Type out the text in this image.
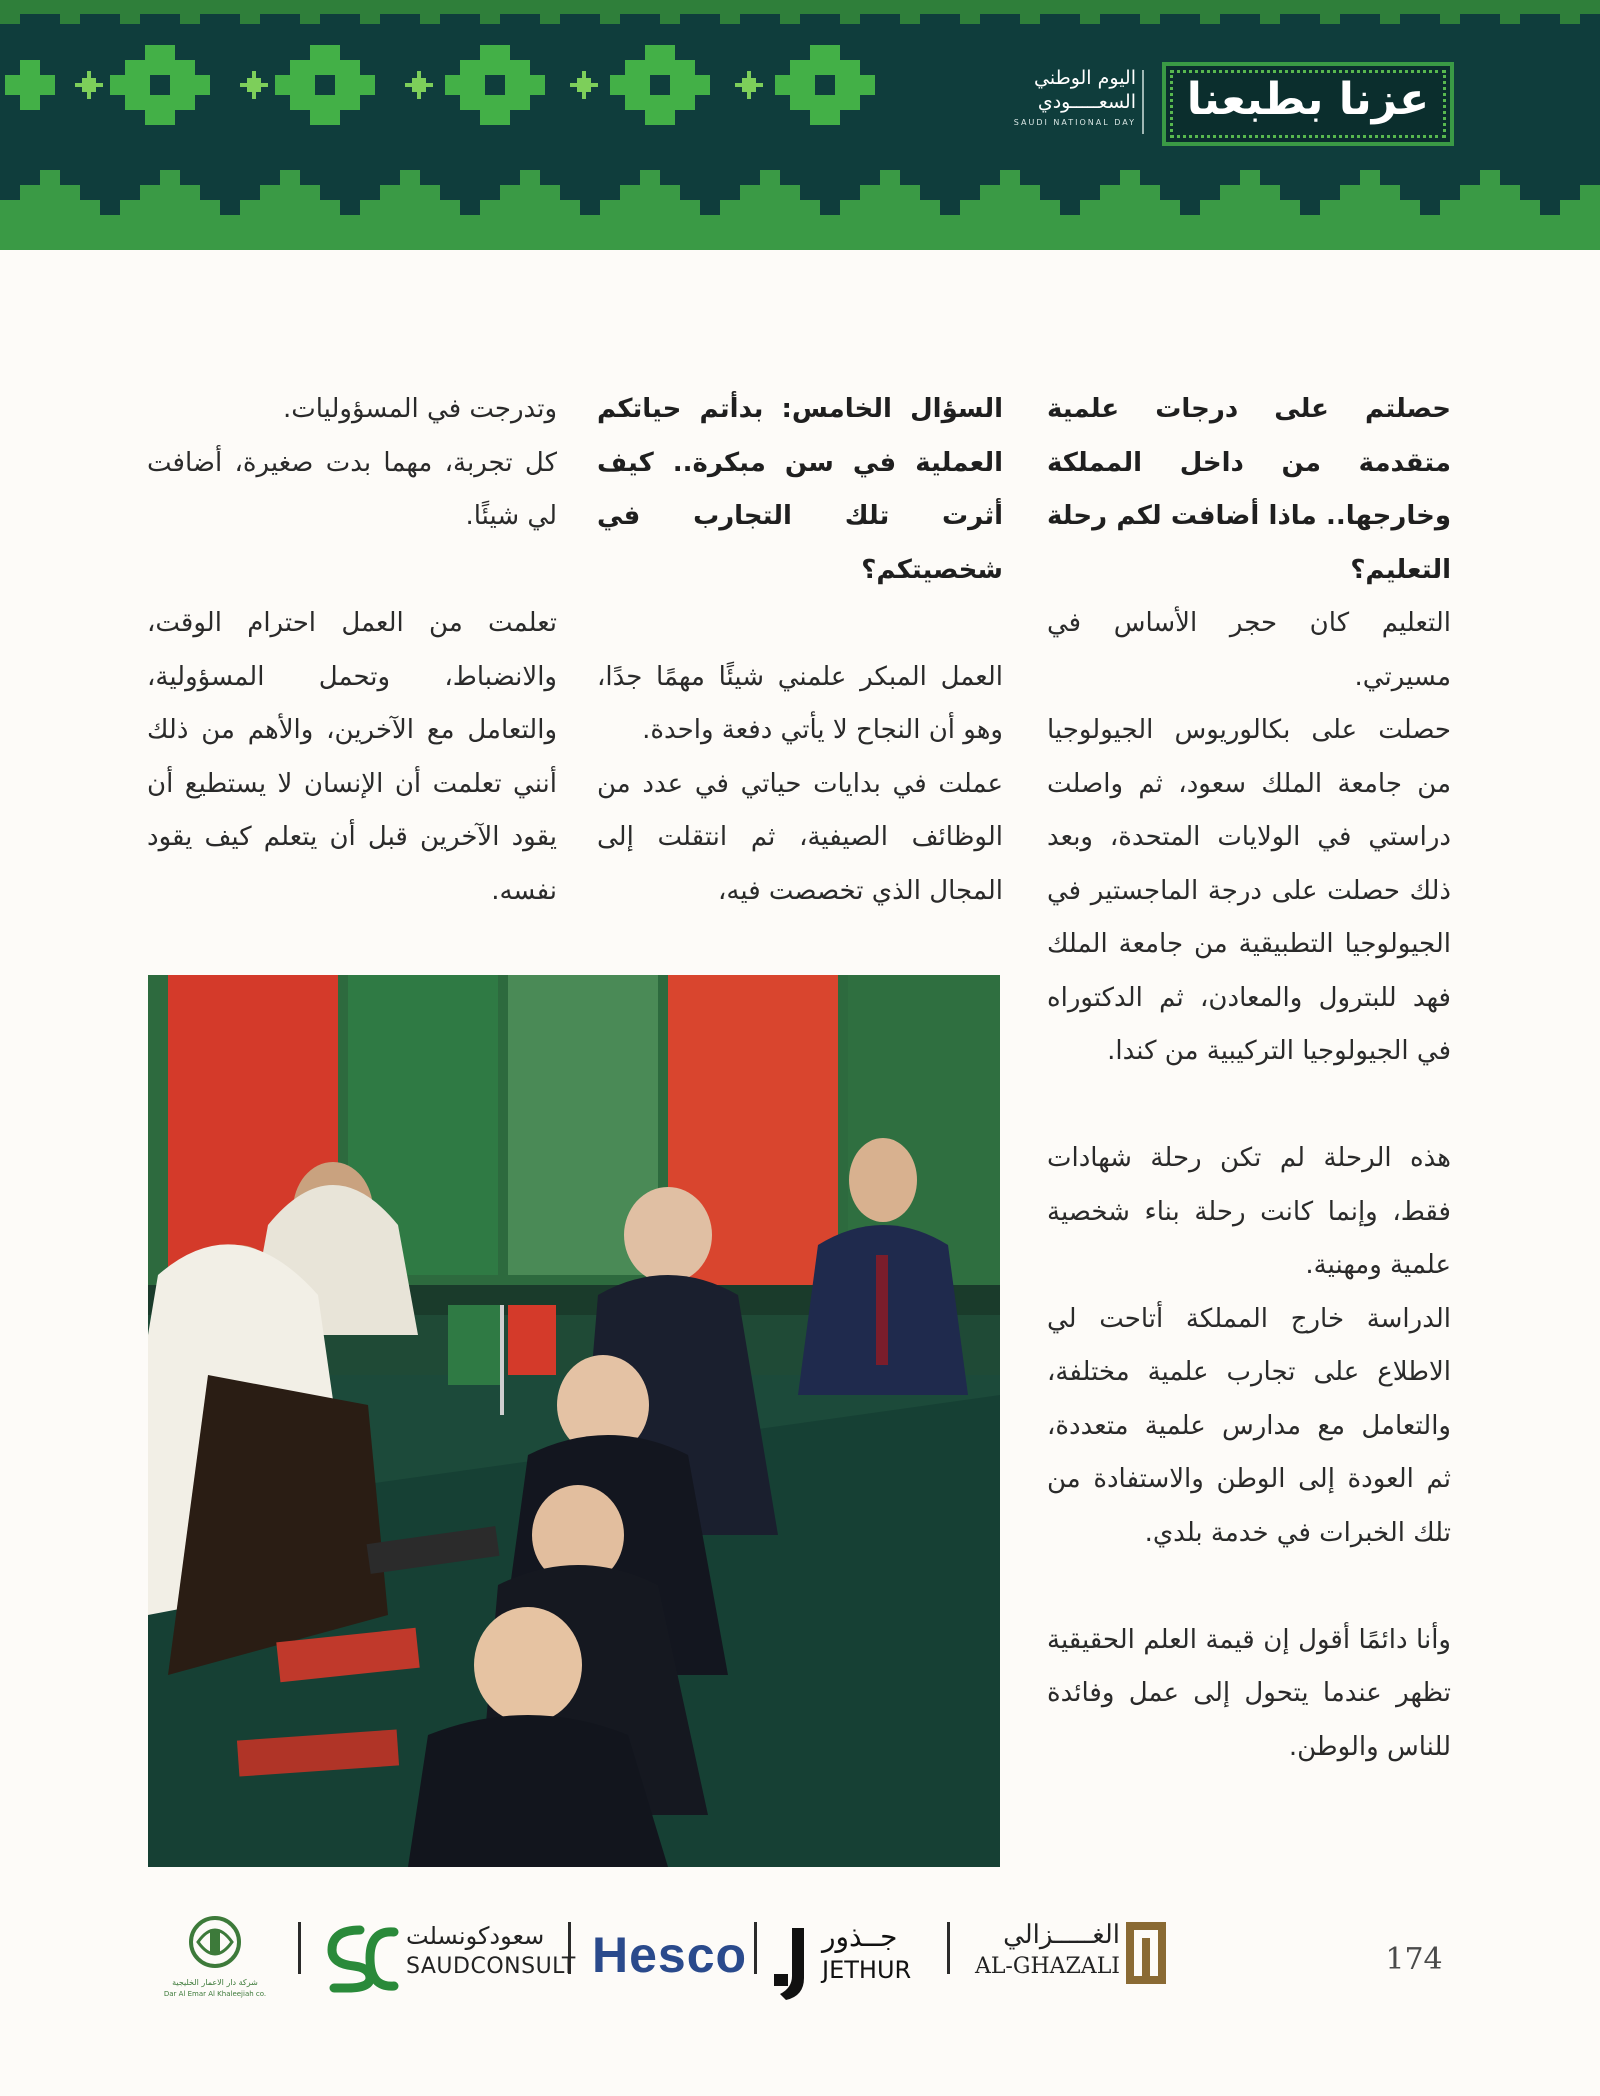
اليوم الوطني
السعـــــودي
SAUDI NATIONAL DAY	عزنا بطبعنا

حصلتم على درجات علمية متقدمة من داخل المملكة وخارجها.. ماذا أضافت لكم رحلة التعليم؟

التعليم كان حجر الأساس في مسيرتي.

حصلت على بكالوريوس الجيولوجيا من جامعة الملك سعود، ثم واصلت دراستي في الولايات المتحدة، وبعد ذلك حصلت على درجة الماجستير في الجيولوجيا التطبيقية من جامعة الملك فهد للبترول والمعادن، ثم الدكتوراه في الجيولوجيا التركيبية من كندا.

هذه الرحلة لم تكن رحلة شهادات فقط، وإنما كانت رحلة بناء شخصية علمية ومهنية.

الدراسة خارج المملكة أتاحت لي الاطلاع على تجارب علمية مختلفة، والتعامل مع مدارس علمية متعددة، ثم العودة إلى الوطن والاستفادة من تلك الخبرات في خدمة بلدي.

وأنا دائمًا أقول إن قيمة العلم الحقيقية تظهر عندما يتحول إلى عمل وفائدة للناس والوطن.

السؤال الخامس: بدأتم حياتكم العملية في سن مبكرة.. كيف أثرت تلك التجارب في شخصيتكم؟

العمل المبكر علمني شيئًا مهمًا جدًا، وهو أن النجاح لا يأتي دفعة واحدة.

عملت في بدايات حياتي في عدد من الوظائف الصيفية، ثم انتقلت إلى المجال الذي تخصصت فيه،

وتدرجت في المسؤوليات.

كل تجربة، مهما بدت صغيرة، أضافت لي شيئًا.

تعلمت من العمل احترام الوقت، والانضباط، وتحمل المسؤولية، والتعامل مع الآخرين، والأهم من ذلك أنني تعلمت أن الإنسان لا يستطيع أن يقود الآخرين قبل أن يتعلم كيف يقود نفسه.

174
الغـــــزالي
AL-GHAZALI
جــذور
JETHUR
Hesco
سعودكونسلت
SAUDCONSULT
شركة دار الاعمار الخليجية
Dar Al Emar Al Khaleejiah co.
